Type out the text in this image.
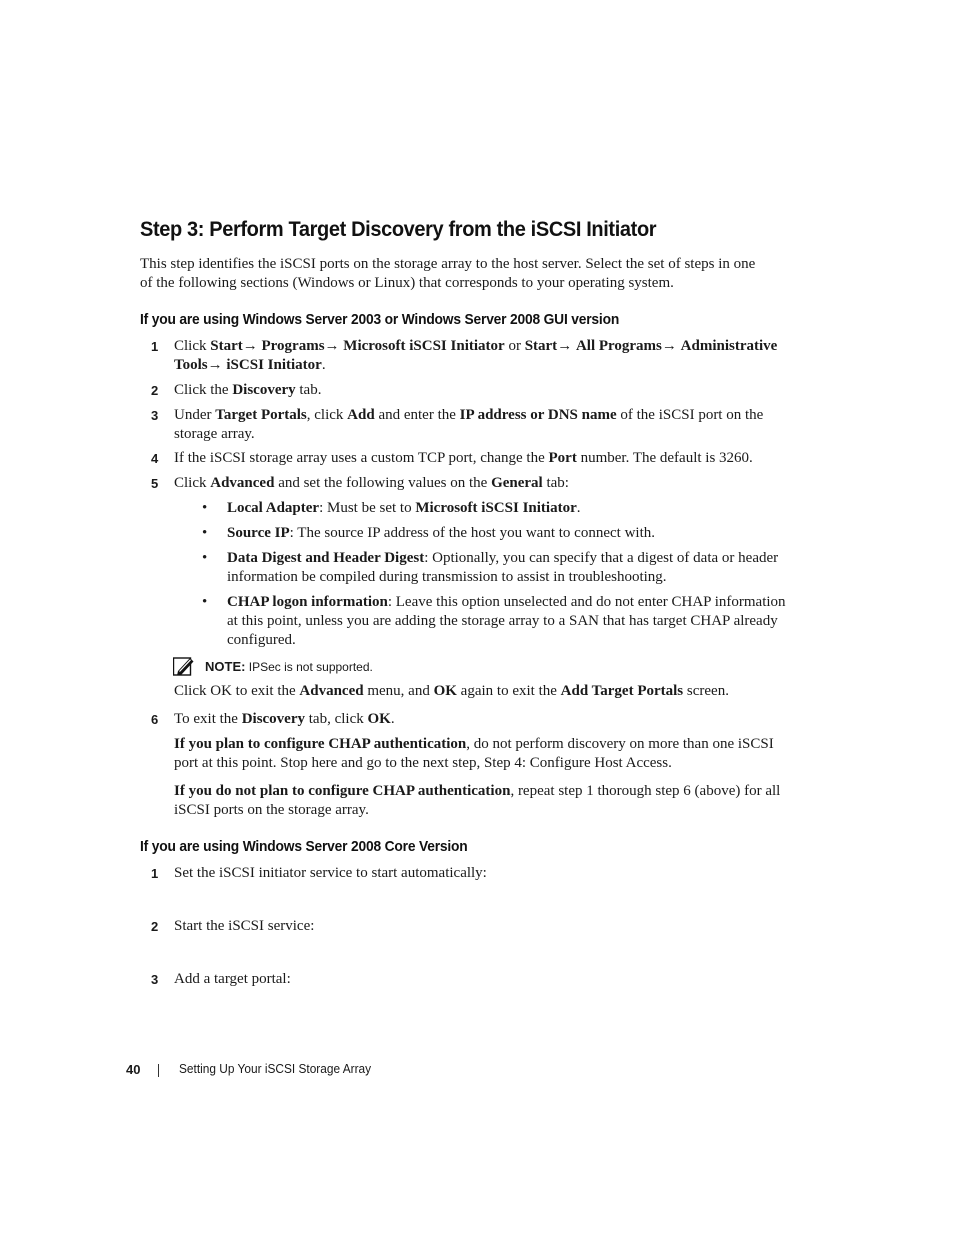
Step 3: Perform Target Discovery from the iSCSI Initiator
This step identifies the iSCSI ports on the storage array to the host server. Select the set of steps in one
of the following sections (Windows or Linux) that corresponds to your operating system.
If you are using Windows Server 2003 or Windows Server 2008 GUI version
1	Click Start→ Programs→ Microsoft iSCSI Initiator or Start→ All Programs→ Administrative
Tools→ iSCSI Initiator.
2	Click the Discovery tab.
3	Under Target Portals, click Add and enter the IP address or DNS name of the iSCSI port on the
storage array.
4	If the iSCSI storage array uses a custom TCP port, change the Port number. The default is 3260.
5	Click Advanced and set the following values on the General tab:
• Local Adapter: Must be set to Microsoft iSCSI Initiator.
• Source IP: The source IP address of the host you want to connect with.
• Data Digest and Header Digest: Optionally, you can specify that a digest of data or header
information be compiled during transmission to assist in troubleshooting.
• CHAP logon information: Leave this option unselected and do not enter CHAP information
at this point, unless you are adding the storage array to a SAN that has target CHAP already
configured.
NOTE: IPSec is not supported.
Click OK to exit the Advanced menu, and OK again to exit the Add Target Portals screen.
6	To exit the Discovery tab, click OK.
If you plan to configure CHAP authentication, do not perform discovery on more than one iSCSI
port at this point. Stop here and go to the next step, Step 4: Configure Host Access.
If you do not plan to configure CHAP authentication, repeat step 1 thorough step 6 (above) for all
iSCSI ports on the storage array.
If you are using Windows Server 2008 Core Version
1	Set the iSCSI initiator service to start automatically:
2	Start the iSCSI service:
3	Add a target portal:
40	Setting Up Your iSCSI Storage Array
